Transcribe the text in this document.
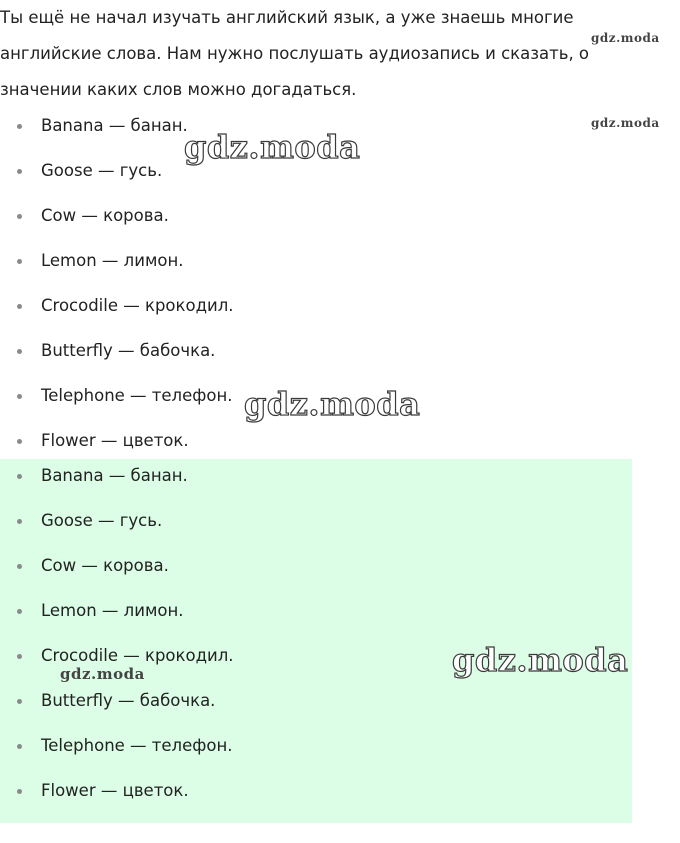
Ты ещё не начал изучать английский язык, а уже знаешь многие английские слова. Нам нужно послушать аудиозапись и сказать, о значении каких слов можно догадаться.

Banana — банан.
Goose — гусь.
Cow — корова.
Lemon — лимон.
Crocodile — крокодил.
Butterfly — бабочка.
Telephone — телефон.
Flower — цветок.
Banana — банан.
Goose — гусь.
Cow — корова.
Lemon — лимон.
Crocodile — крокодил.
Butterfly — бабочка.
Telephone — телефон.
Flower — цветок.
gdz.moda
gdz.moda
gdz.moda
gdz.moda
gdz.moda
gdz.moda
